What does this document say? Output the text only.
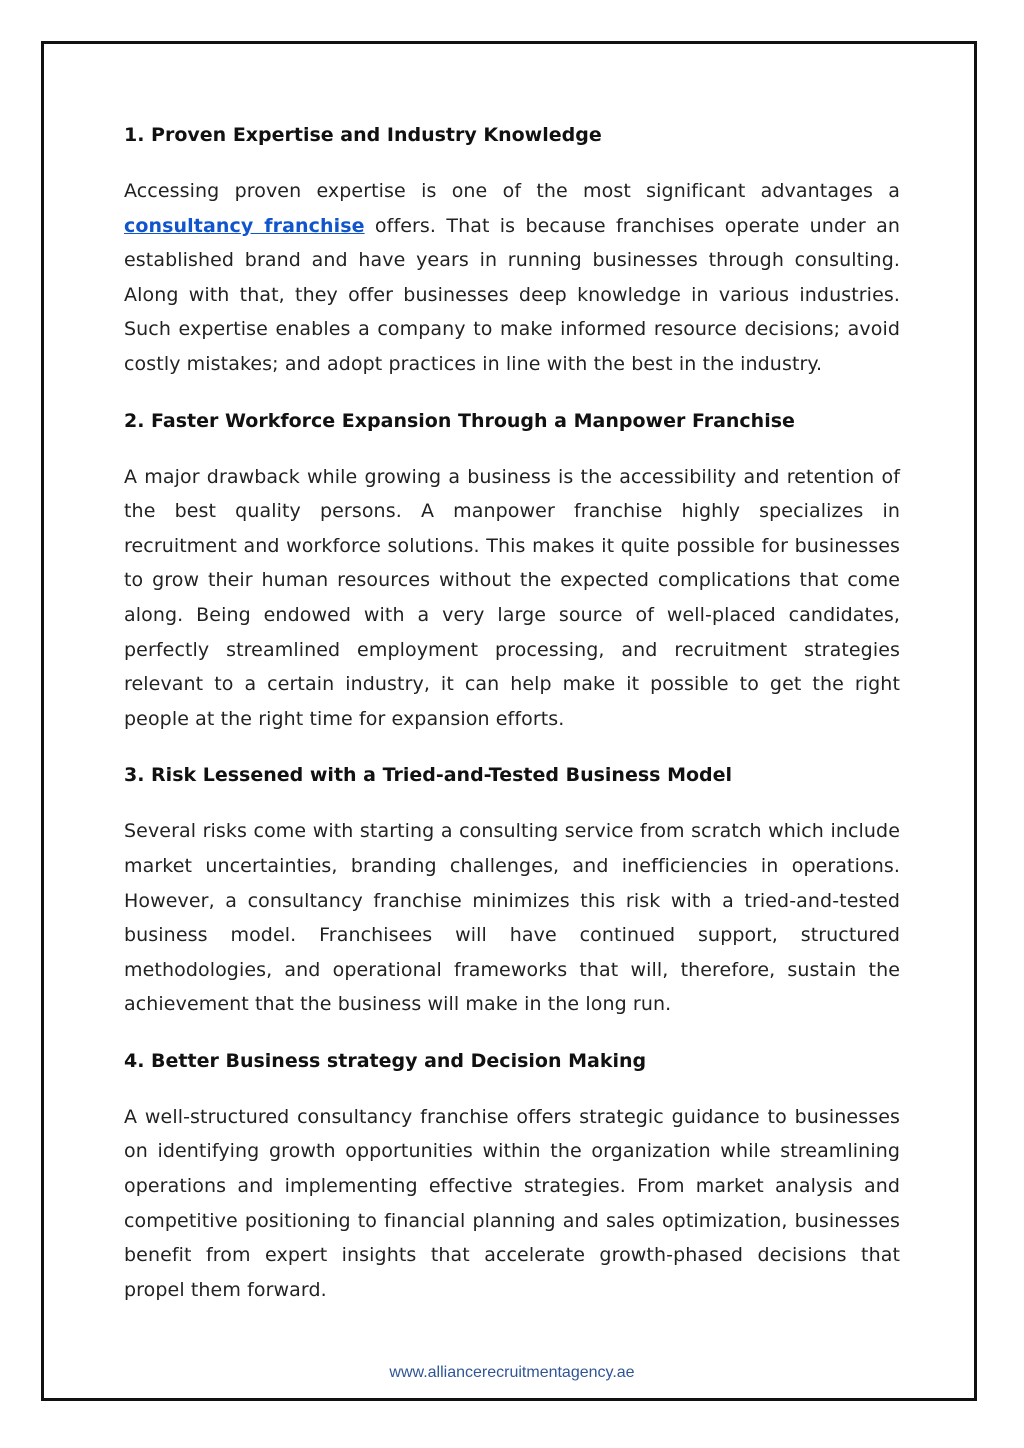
1. Proven Expertise and Industry Knowledge

Accessing proven expertise is one of the most significant advantages a consultancy franchise offers. That is because franchises operate under an established brand and have years in running businesses through consulting. Along with that, they offer businesses deep knowledge in various industries. Such expertise enables a company to make informed resource decisions; avoid costly mistakes; and adopt practices in line with the best in the industry.

2. Faster Workforce Expansion Through a Manpower Franchise

A major drawback while growing a business is the accessibility and retention of the best quality persons. A manpower franchise highly specializes in recruitment and workforce solutions. This makes it quite possible for businesses to grow their human resources without the expected complications that come along. Being endowed with a very large source of well-placed candidates, perfectly streamlined employment processing, and recruitment strategies relevant to a certain industry, it can help make it possible to get the right people at the right time for expansion efforts.

3. Risk Lessened with a Tried-and-Tested Business Model

Several risks come with starting a consulting service from scratch which include market uncertainties, branding challenges, and inefficiencies in operations. However, a consultancy franchise minimizes this risk with a tried-and-tested business model. Franchisees will have continued support, structured methodologies, and operational frameworks that will, therefore, sustain the achievement that the business will make in the long run.

4. Better Business strategy and Decision Making

A well-structured consultancy franchise offers strategic guidance to businesses on identifying growth opportunities within the organization while streamlining operations and implementing effective strategies. From market analysis and competitive positioning to financial planning and sales optimization, businesses benefit from expert insights that accelerate growth-phased decisions that propel them forward.

www.alliancerecruitmentagency.ae
